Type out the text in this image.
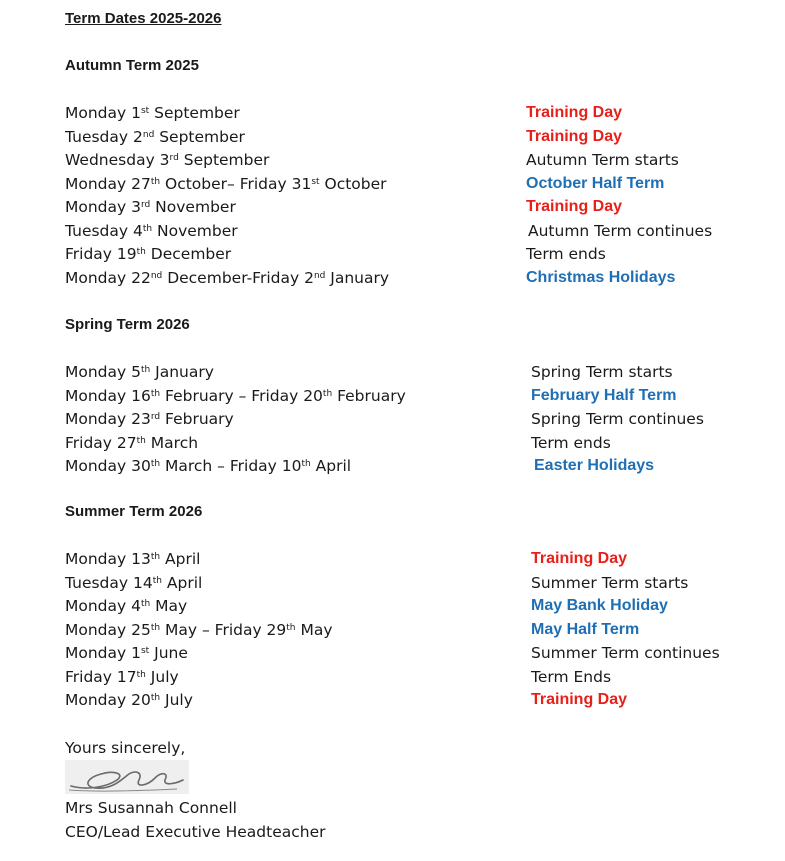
Term Dates 2025-2026
Autumn Term 2025
Monday 1st September	Training Day
Tuesday 2nd September	Training Day
Wednesday 3rd September	Autumn Term starts
Monday 27th October– Friday 31st October	October Half Term
Monday 3rd November	Training Day
Tuesday 4th November	Autumn Term continues
Friday 19th December	Term ends
Monday 22nd December-Friday 2nd January	Christmas Holidays
Spring Term 2026
Monday 5th January	Spring Term starts
Monday 16th February – Friday 20th February	February Half Term
Monday 23rd February	Spring Term continues
Friday 27th March	Term ends
Monday 30th March – Friday 10th April	Easter Holidays
Summer Term 2026
Monday 13th April	Training Day
Tuesday 14th April	Summer Term starts
Monday 4th May	May Bank Holiday
Monday 25th May – Friday 29th May	May Half Term
Monday 1st June	Summer Term continues
Friday 17th July	Term Ends
Monday 20th July	Training Day
Yours sincerely,
Mrs Susannah Connell
CEO/Lead Executive Headteacher
